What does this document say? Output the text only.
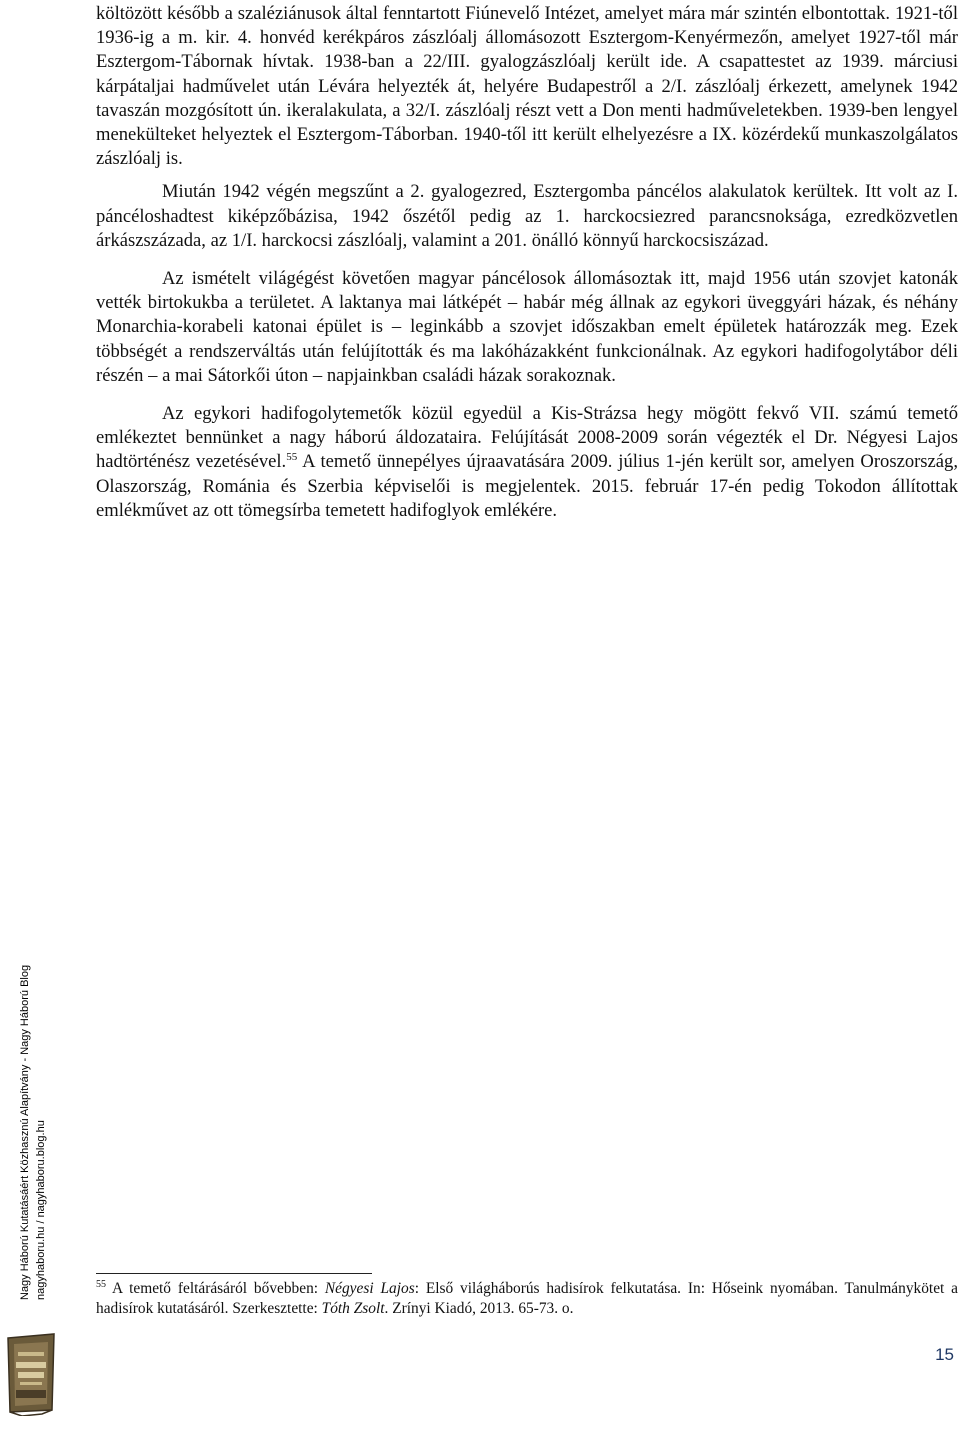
költözött később a szaléziánusok által fenntartott Fiúnevelő Intézet, amelyet mára már szintén elbontottak. 1921-től 1936-ig a m. kir. 4. honvéd kerékpáros zászlóalj állomásozott Esztergom-Kenyérmezőn, amelyet 1927-től már Esztergom-Tábornak hívtak. 1938-ban a 22/III. gyalogzászlóalj került ide. A csapattestet az 1939. márciusi kárpátaljai hadművelet után Lévára helyezték át, helyére Budapestről a 2/I. zászlóalj érkezett, amelynek 1942 tavaszán mozgósított ún. ikeralakulata, a 32/I. zászlóalj részt vett a Don menti hadműveletekben. 1939-ben lengyel menekülteket helyeztek el Esztergom-Táborban. 1940-től itt került elhelyezésre a IX. közérdekű munkaszolgálatos zászlóalj is.

Miután 1942 végén megszűnt a 2. gyalogezred, Esztergomba páncélos alakulatok kerültek. Itt volt az I. páncéloshadtest kiképzőbázisa, 1942 őszétől pedig az 1. harckocsiezred parancsnoksága, ezredközvetlen árkászszázada, az 1/I. harckocsi zászlóalj, valamint a 201. önálló könnyű harckocsiszázad.

Az ismételt világégést követően magyar páncélosok állomásoztak itt, majd 1956 után szovjet katonák vették birtokukba a területet. A laktanya mai látképét – habár még állnak az egykori üveggyári házak, és néhány Monarchia-korabeli katonai épület is – leginkább a szovjet időszakban emelt épületek határozzák meg. Ezek többségét a rendszerváltás után felújították és ma lakóházakként funkcionálnak. Az egykori hadifogolytábor déli részén – a mai Sátorkői úton – napjainkban családi házak sorakoznak.

Az egykori hadifogolytemetők közül egyedül a Kis-Strázsa hegy mögött fekvő VII. számú temető emlékeztet bennünket a nagy háború áldozataira. Felújítását 2008-2009 során végezték el Dr. Négyesi Lajos hadtörténész vezetésével.$^{55}$ A temető ünnepélyes újraavatására 2009. július 1-jén került sor, amelyen Oroszország, Olaszország, Románia és Szerbia képviselői is megjelentek. 2015. február 17-én pedig Tokodon állítottak emlékművet az ott tömegsírba temetett hadifoglyok emlékére.

$^{55}$ A temető feltárásáról bővebben: Négyesi Lajos: Első világháborús hadisírok felkutatása. In: Hőseink nyomában. Tanulmánykötet a hadisírok kutatásáról. Szerkesztette: Tóth Zsolt. Zrínyi Kiadó, 2013. 65-73. o.
15
Nagy Háború Kutatásáért Közhasznú Alapítvány - Nagy Háború Blog nagyhaboru.hu / nagyhaboru.blog.hu
